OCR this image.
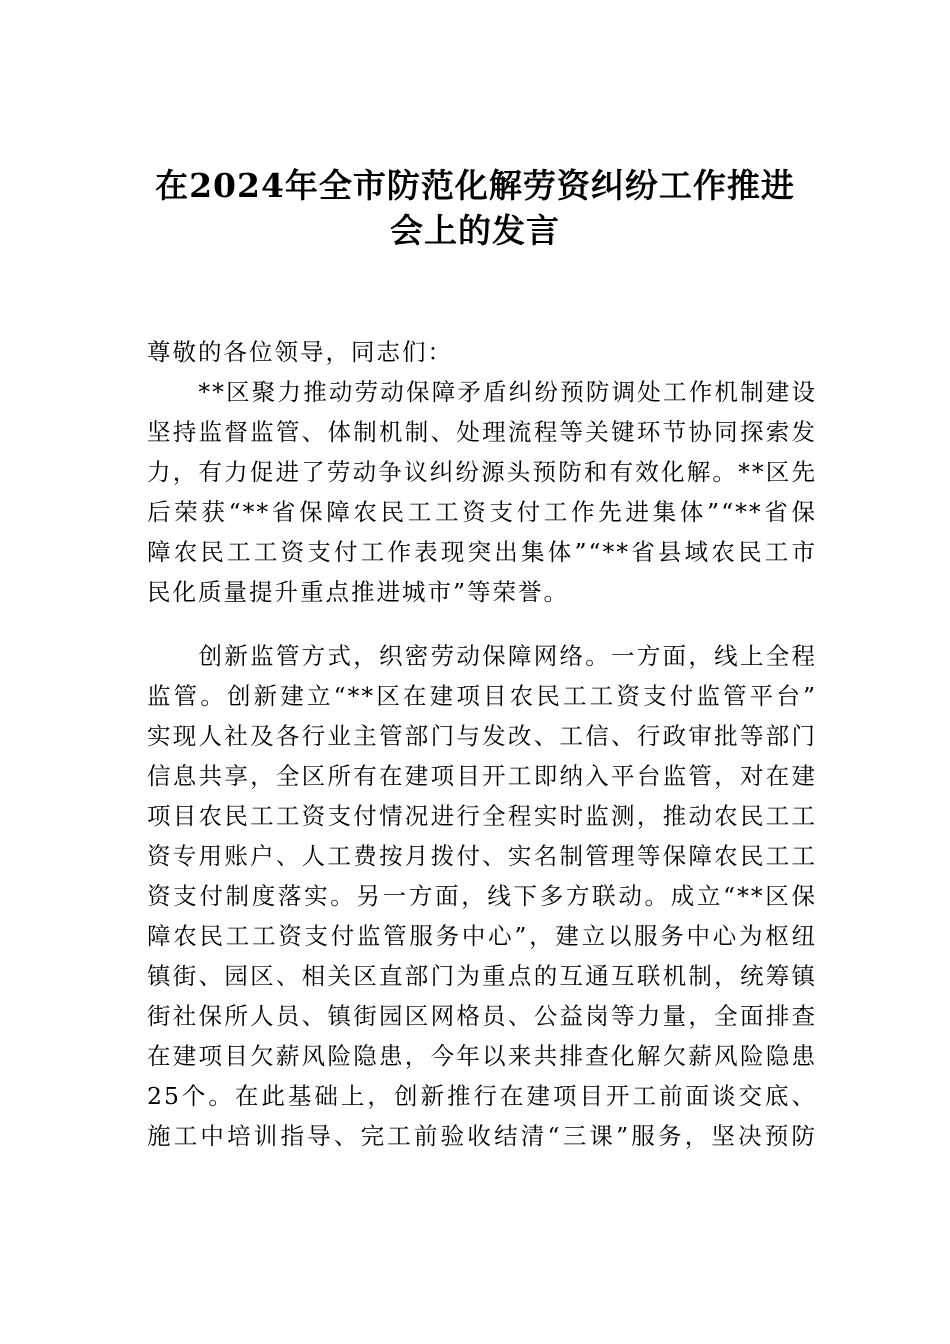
在2024年全市防范化解劳资纠纷工作推进
会上的发言
尊敬的各位领导，同志们：
　　**区聚力推动劳动保障矛盾纠纷预防调处工作机制建设
坚持监督监管、体制机制、处理流程等关键环节协同探索发
力，有力促进了劳动争议纠纷源头预防和有效化解。**区先
后荣获“**省保障农民工工资支付工作先进集体”“**省保
障农民工工资支付工作表现突出集体”“**省县域农民工市
民化质量提升重点推进城市”等荣誉。
　　创新监管方式，织密劳动保障网络。一方面，线上全程
监管。创新建立“**区在建项目农民工工资支付监管平台”
实现人社及各行业主管部门与发改、工信、行政审批等部门
信息共享，全区所有在建项目开工即纳入平台监管，对在建
项目农民工工资支付情况进行全程实时监测，推动农民工工
资专用账户、人工费按月拨付、实名制管理等保障农民工工
资支付制度落实。另一方面，线下多方联动。成立“**区保
障农民工工资支付监管服务中心”，建立以服务中心为枢纽
镇街、园区、相关区直部门为重点的互通互联机制，统筹镇
街社保所人员、镇街园区网格员、公益岗等力量，全面排查
在建项目欠薪风险隐患，今年以来共排查化解欠薪风险隐患
25个。在此基础上，创新推行在建项目开工前面谈交底、
施工中培训指导、完工前验收结清“三课”服务，坚决预防
